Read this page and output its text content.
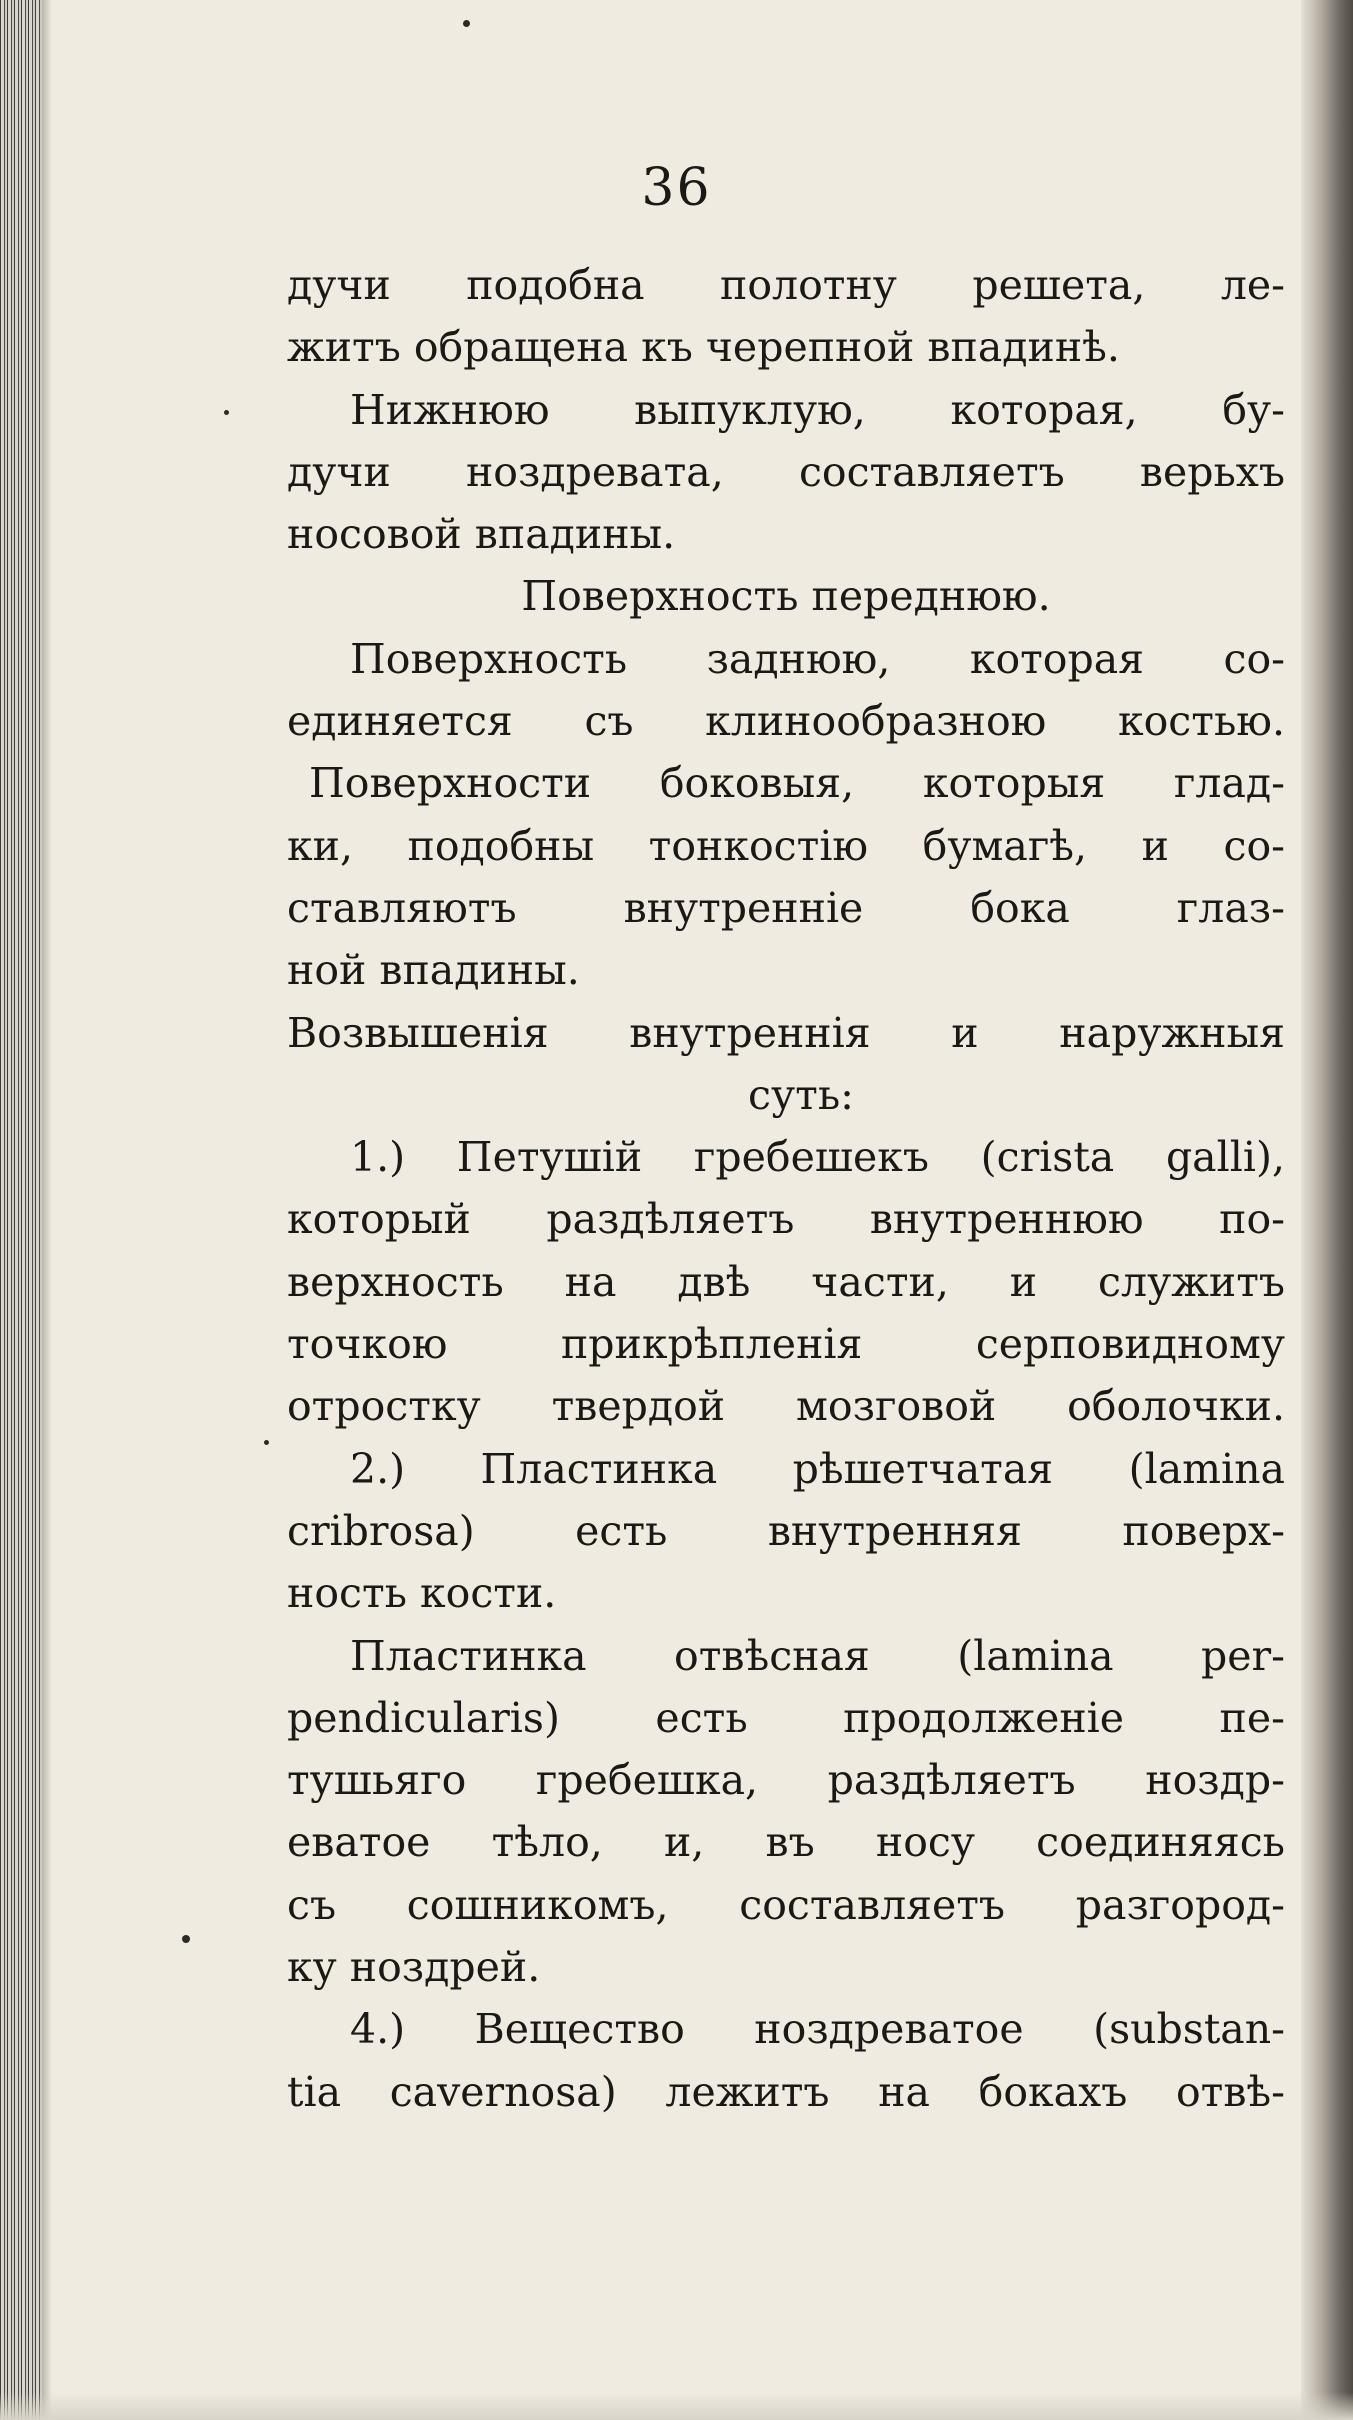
36
дучи подобна полотну решета, ле-
житъ обращена къ черепной впадинѣ.
Нижнюю выпуклую, которая, бу-
дучи ноздревата, составляетъ верьхъ
носовой впадины.
Поверхность переднюю.
Поверхность заднюю, которая со-
единяется съ клинообразною костью.
Поверхности боковыя, которыя глад-
ки, подобны тонкостію бумагѣ, и со-
ставляютъ внутренніе бока глаз-
ной впадины.
Возвышенія внутреннія и наружныя
суть:
1.) Петушій гребешекъ (crista galli),
который раздѣляетъ внутреннюю по-
верхность на двѣ части, и служитъ
точкою прикрѣпленія серповидному
отростку твердой мозговой оболочки.
2.) Пластинка рѣшетчатая (lamina
cribrosa) есть внутренняя поверх-
ность кости.
Пластинка отвѣсная (lamina per-
pendicularis) есть продолженіе пе-
тушьяго гребешка, раздѣляетъ ноздр-
еватое тѣло, и, въ носу соединяясь
съ сошникомъ, составляетъ разгород-
ку ноздрей.
4.) Вещество ноздреватое (substan-
tia cavernosa) лежитъ на бокахъ отвѣ-
